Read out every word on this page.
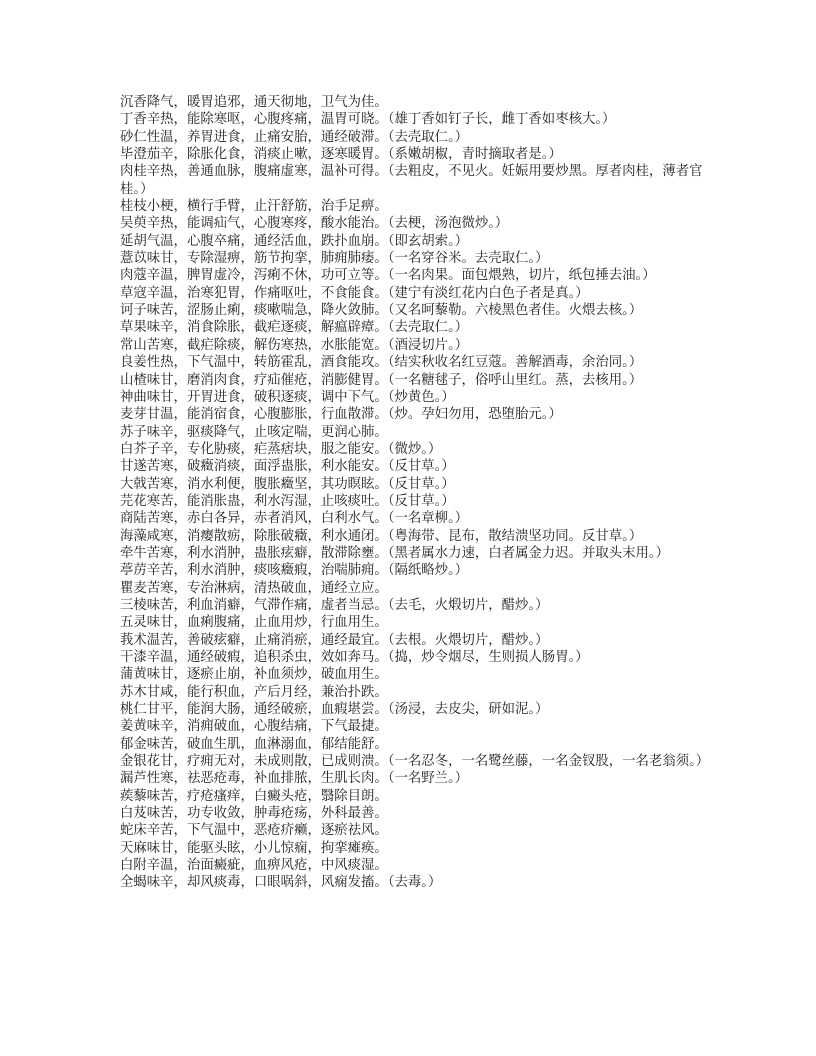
沉香降气，暖胃追邪，通天彻地，卫气为佳。

丁香辛热，能除寒呕，心腹疼痛，温胃可晓。（雄丁香如钉子长，雌丁香如枣核大。）

砂仁性温，养胃进食，止痛安胎，通经破滞。（去壳取仁。）

毕澄茄辛，除胀化食，消痰止嗽，逐寒暖胃。（系嫩胡椒，青时摘取者是。）

肉桂辛热，善通血脉，腹痛虚寒，温补可得。（去粗皮，不见火。妊娠用要炒黑。厚者肉桂，薄者官桂。）

桂枝小梗，横行手臂，止汗舒筋，治手足痹。

吴萸辛热，能调疝气，心腹寒疼，酸水能治。（去梗，汤泡微炒。）

延胡气温，心腹卒痛，通经活血，跌扑血崩。（即玄胡索。）

薏苡味甘，专除湿痹，筋节拘挛，肺痈肺痿。（一名穿谷米。去壳取仁。）

肉蔻辛温，脾胃虚冷，泻痢不休，功可立等。（一名肉果。面包煨熟，切片，纸包捶去油。）

草寇辛温，治寒犯胃，作痛呕吐，不食能食。（建宁有淡红花内白色子者是真。）

诃子味苦，涩肠止痢，痰嗽喘急，降火敛肺。（又名呵藜勒。六棱黑色者佳。火煨去核。）

草果味辛，消食除胀，截疟逐痰，解瘟辟瘴。（去壳取仁。）

常山苦寒，截疟除痰，解伤寒热，水胀能宽。（酒浸切片。）

良姜性热，下气温中，转筋霍乱，酒食能攻。（结实秋收名红豆蔻。善解酒毒，余治同。）

山楂味甘，磨消肉食，疗疝催疮，消膨健胃。（一名糖毬子，俗呼山里红。蒸，去核用。）

神曲味甘，开胃进食，破积逐痰，调中下气。（炒黄色。）

麦芽甘温，能消宿食，心腹膨胀，行血散滞。（炒。孕妇勿用，恐堕胎元。）

苏子味辛，驱痰降气，止咳定喘，更润心肺。

白芥子辛，专化胁痰，疟蒸痞块，服之能安。（微炒。）

甘遂苦寒，破癥消痰，面浮蛊胀，利水能安。（反甘草。）

大戟苦寒，消水利便，腹胀癥坚，其功瞑眩。（反甘草。）

芫花寒苦，能消胀蛊，利水泻湿，止咳痰吐。（反甘草。）

商陆苦寒，赤白各异，赤者消风，白利水气。（一名章柳。）

海藻咸寒，消瘿散疬，除胀破癥，利水通闭。（粤海带、昆布，散结溃坚功同。反甘草。）

牵牛苦寒，利水消肿，蛊胀痃癖，散滞除壅。（黑者属水力速，白者属金力迟。并取头末用。）

葶苈辛苦，利水消肿，痰咳癥瘕，治喘肺痈。（隔纸略炒。）

瞿麦苦寒，专治淋病，清热破血，通经立应。

三棱味苦，利血消癖，气滞作痛，虚者当忌。（去毛，火煅切片，醋炒。）

五灵味甘，血痢腹痛，止血用炒，行血用生。

莪术温苦，善破痃癖，止痛消瘀，通经最宜。（去根。火煨切片，醋炒。）

干漆辛温，通经破瘕，追积杀虫，效如奔马。（捣，炒令烟尽，生则损人肠胃。）

蒲黄味甘，逐瘀止崩，补血须炒，破血用生。

苏木甘咸，能行积血，产后月经，兼治扑跌。

桃仁甘平，能润大肠，通经破瘀，血瘕堪尝。（汤浸，去皮尖，研如泥。）

姜黄味辛，消痈破血，心腹结痛，下气最捷。

郁金味苦，破血生肌，血淋溺血，郁结能舒。

金银花甘，疗痈无对，未成则散，已成则溃。（一名忍冬，一名鹭丝藤，一名金钗股，一名老翁须。）

漏芦性寒，祛恶疮毒，补血排脓，生肌长肉。（一名野兰。）

蒺藜味苦，疗疮瘙痒，白癜头疮，翳除目朗。

白芨味苦，功专收敛，肿毒疮疡，外科最善。

蛇床辛苦，下气温中，恶疮疥癞，逐瘀祛风。

天麻味甘，能驱头眩，小儿惊痫，拘挛瘫痪。

白附辛温，治面癜疵，血痹风疮，中风痰湿。

全蝎味辛，却风痰毒，口眼㖞斜，风痫发搐。（去毒。）
